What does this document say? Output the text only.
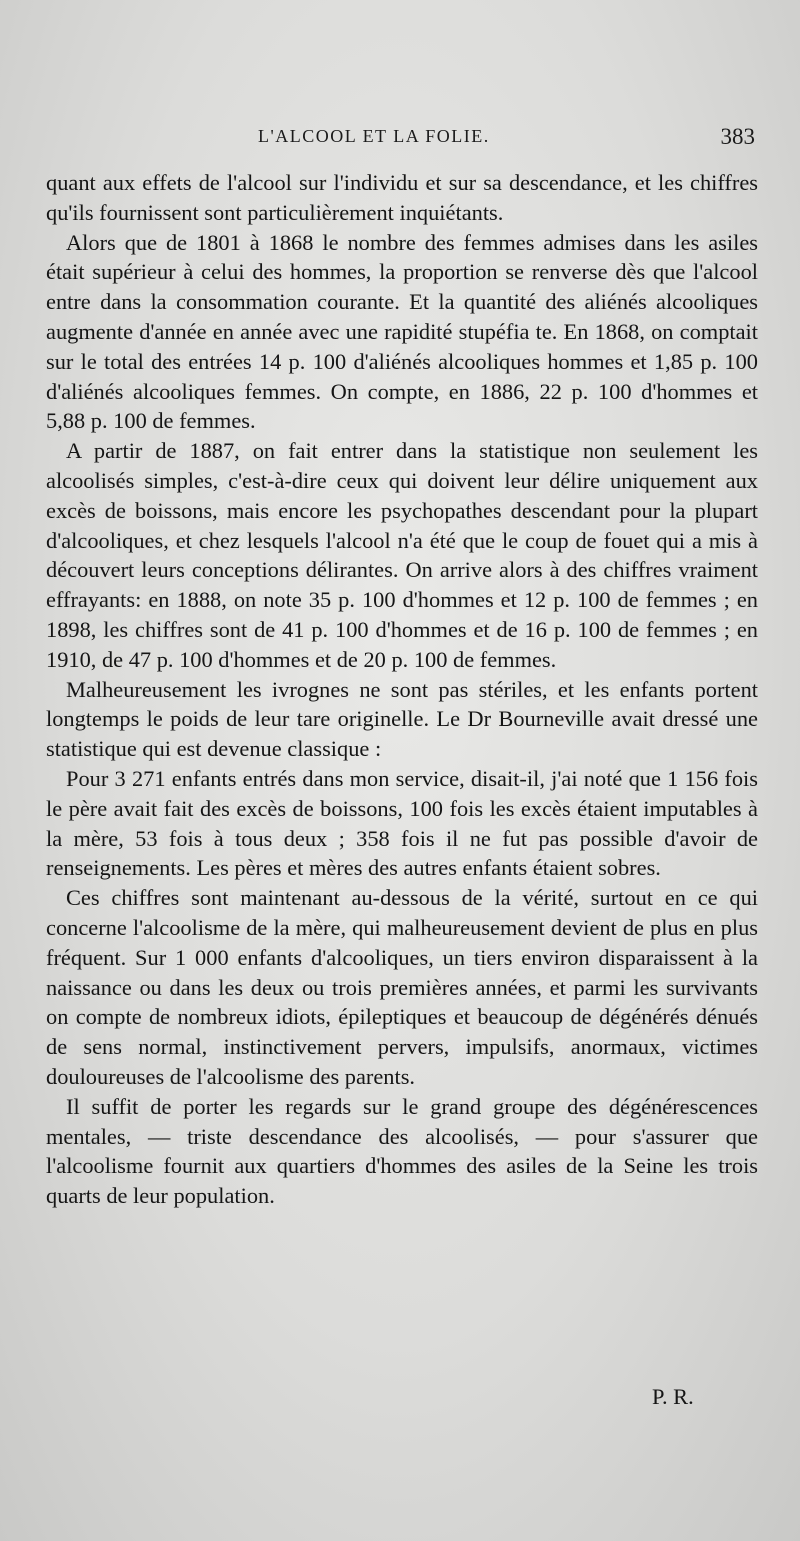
L'ALCOOL ET LA FOLIE.	383

quant aux effets de l'alcool sur l'individu et sur sa descendance, et les chiffres qu'ils fournissent sont particulièrement inquiétants.

Alors que de 1801 à 1868 le nombre des femmes admises dans les asiles était supérieur à celui des hommes, la proportion se renverse dès que l'alcool entre dans la consommation courante. Et la quantité des aliénés alcooliques augmente d'année en année avec une rapidité stupéfia te. En 1868, on comptait sur le total des entrées 14 p. 100 d'aliénés alcooliques hommes et 1,85 p. 100 d'aliénés alcooliques femmes. On compte, en 1886, 22 p. 100 d'hommes et 5,88 p. 100 de femmes.

A partir de 1887, on fait entrer dans la statistique non seulement les alcoolisés simples, c'est-à-dire ceux qui doivent leur délire uniquement aux excès de boissons, mais encore les psychopathes descendant pour la plupart d'alcooliques, et chez lesquels l'alcool n'a été que le coup de fouet qui a mis à découvert leurs conceptions délirantes. On arrive alors à des chiffres vraiment effrayants: en 1888, on note 35 p. 100 d'hommes et 12 p. 100 de femmes ; en 1898, les chiffres sont de 41 p. 100 d'hommes et de 16 p. 100 de femmes ; en 1910, de 47 p. 100 d'hommes et de 20 p. 100 de femmes.

Malheureusement les ivrognes ne sont pas stériles, et les enfants portent longtemps le poids de leur tare originelle. Le Dr Bourneville avait dressé une statistique qui est devenue classique :

Pour 3 271 enfants entrés dans mon service, disait-il, j'ai noté que 1 156 fois le père avait fait des excès de boissons, 100 fois les excès étaient imputables à la mère, 53 fois à tous deux ; 358 fois il ne fut pas possible d'avoir de renseignements. Les pères et mères des autres enfants étaient sobres.

Ces chiffres sont maintenant au-dessous de la vérité, surtout en ce qui concerne l'alcoolisme de la mère, qui malheureusement devient de plus en plus fréquent. Sur 1 000 enfants d'alcooliques, un tiers environ disparaissent à la naissance ou dans les deux ou trois premières années, et parmi les survivants on compte de nombreux idiots, épileptiques et beaucoup de dégénérés dénués de sens normal, instinctivement pervers, impulsifs, anormaux, victimes douloureuses de l'alcoolisme des parents.

Il suffit de porter les regards sur le grand groupe des dégénérescences mentales, — triste descendance des alcoolisés, — pour s'assurer que l'alcoolisme fournit aux quartiers d'hommes des asiles de la Seine les trois quarts de leur population.

P. R.
